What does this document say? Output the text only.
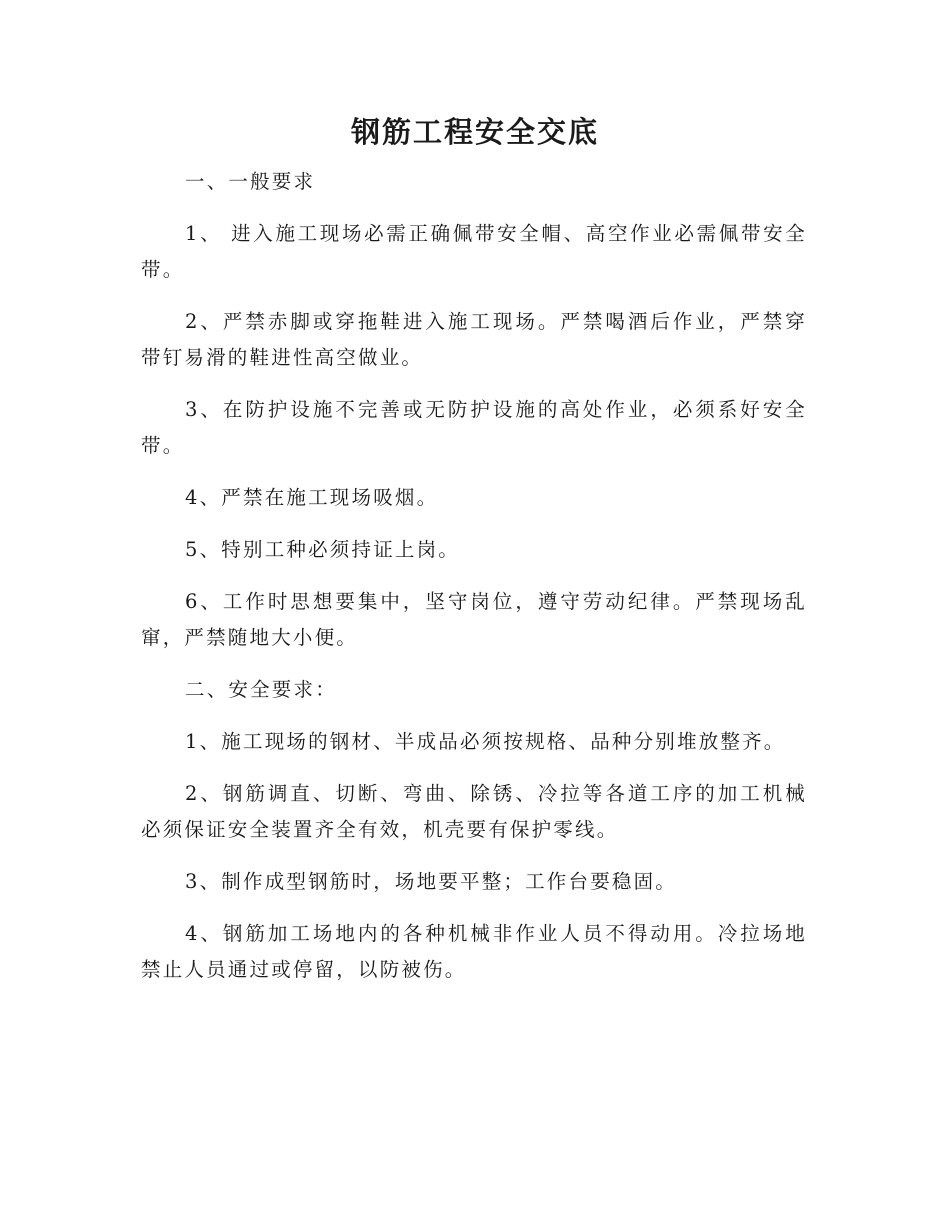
钢筋工程安全交底

一、一般要求

1、 进入施工现场必需正确佩带安全帽、高空作业必需佩带安全带。

2、严禁赤脚或穿拖鞋进入施工现场。严禁喝酒后作业，严禁穿带钉易滑的鞋进性高空做业。

3、在防护设施不完善或无防护设施的高处作业，必须系好安全带。

4、严禁在施工现场吸烟。

5、特别工种必须持证上岗。

6、工作时思想要集中，坚守岗位，遵守劳动纪律。严禁现场乱窜，严禁随地大小便。

二、安全要求：

1、施工现场的钢材、半成品必须按规格、品种分别堆放整齐。

2、钢筋调直、切断、弯曲、除锈、冷拉等各道工序的加工机械必须保证安全装置齐全有效，机壳要有保护零线。

3、制作成型钢筋时，场地要平整；工作台要稳固。

4、钢筋加工场地内的各种机械非作业人员不得动用。冷拉场地禁止人员通过或停留，以防被伤。
